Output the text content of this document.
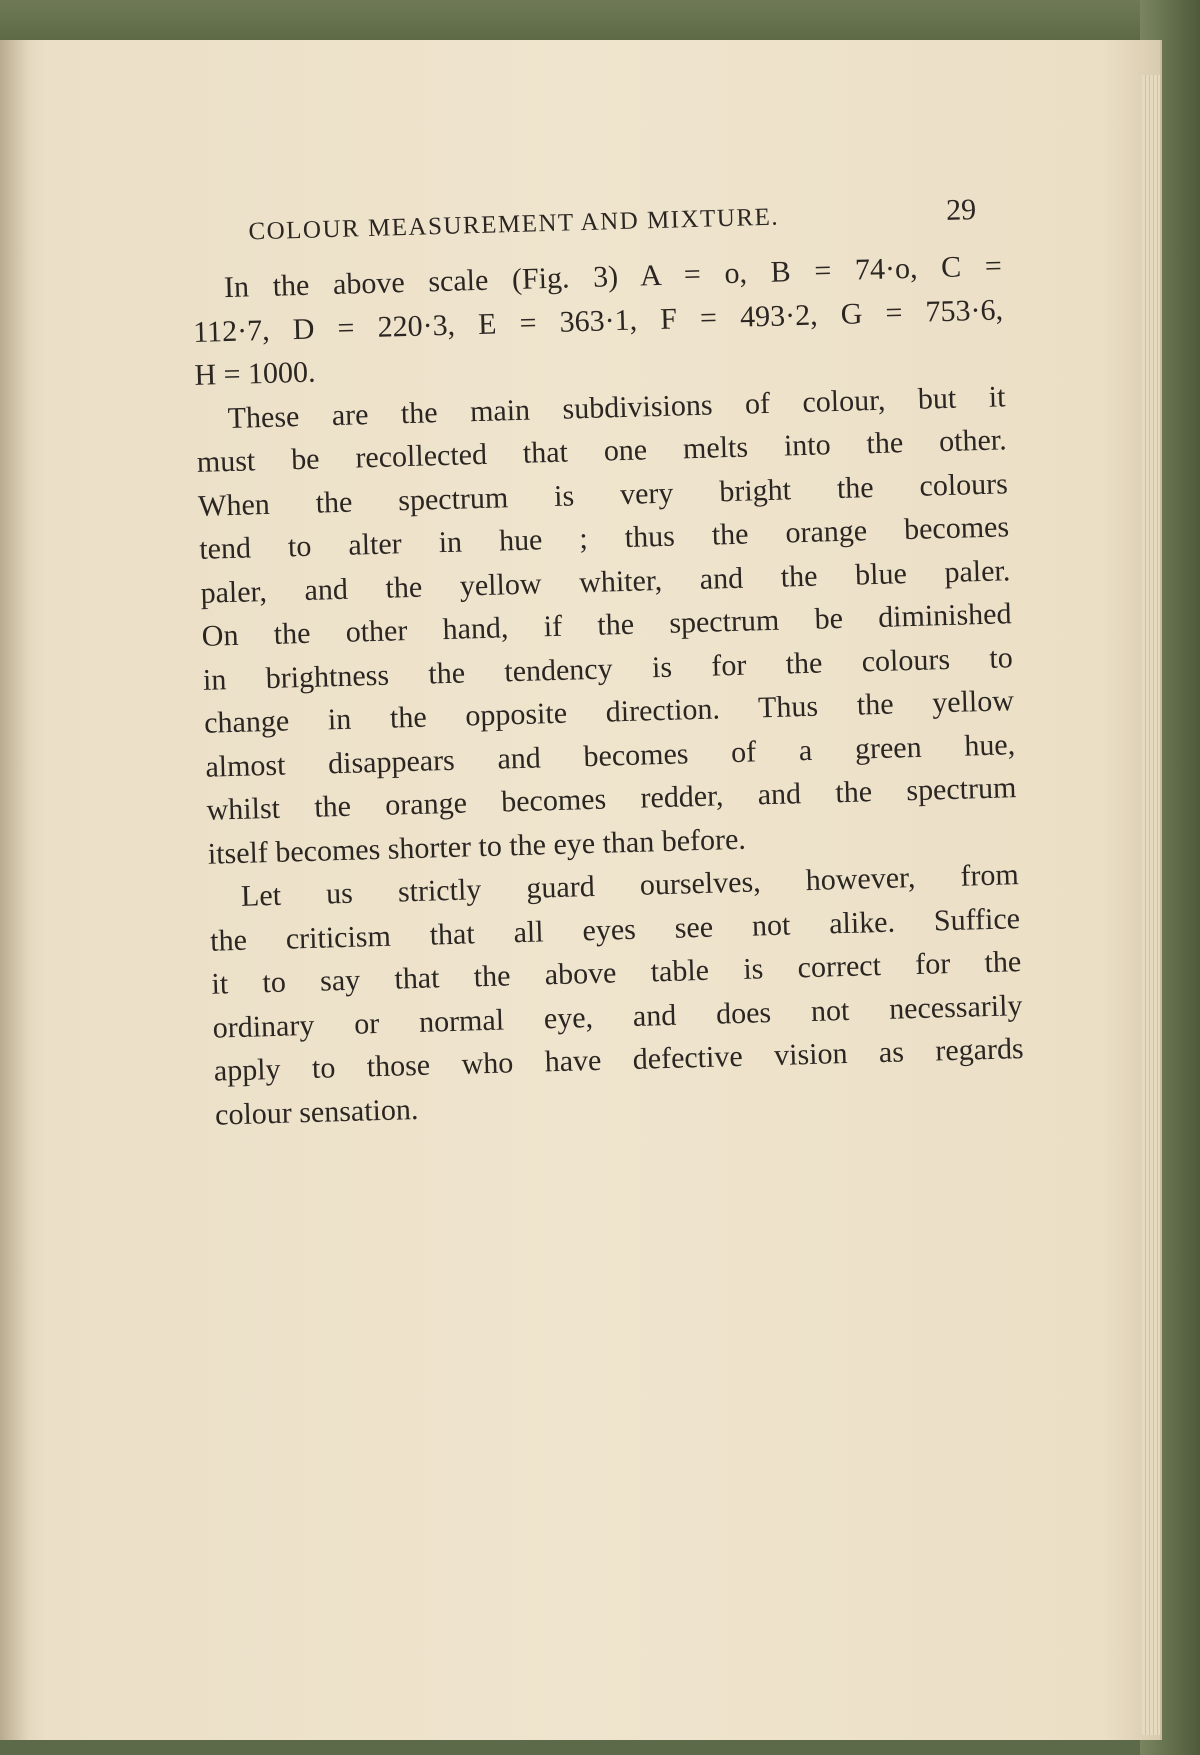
COLOUR MEASUREMENT AND MIXTURE.	29
In the above scale (Fig. 3) A = o, B = 74·o, C =
112·7, D = 220·3, E = 363·1, F = 493·2, G = 753·6,
H = 1000.
These are the main subdivisions of colour, but it
must be recollected that one melts into the other.
When the spectrum is very bright the colours
tend to alter in hue ; thus the orange becomes
paler, and the yellow whiter, and the blue paler.
On the other hand, if the spectrum be diminished
in brightness the tendency is for the colours to
change in the opposite direction. Thus the yellow
almost disappears and becomes of a green hue,
whilst the orange becomes redder, and the spectrum
itself becomes shorter to the eye than before.
Let us strictly guard ourselves, however, from
the criticism that all eyes see not alike. Suffice
it to say that the above table is correct for the
ordinary or normal eye, and does not necessarily
apply to those who have defective vision as regards
colour sensation.
